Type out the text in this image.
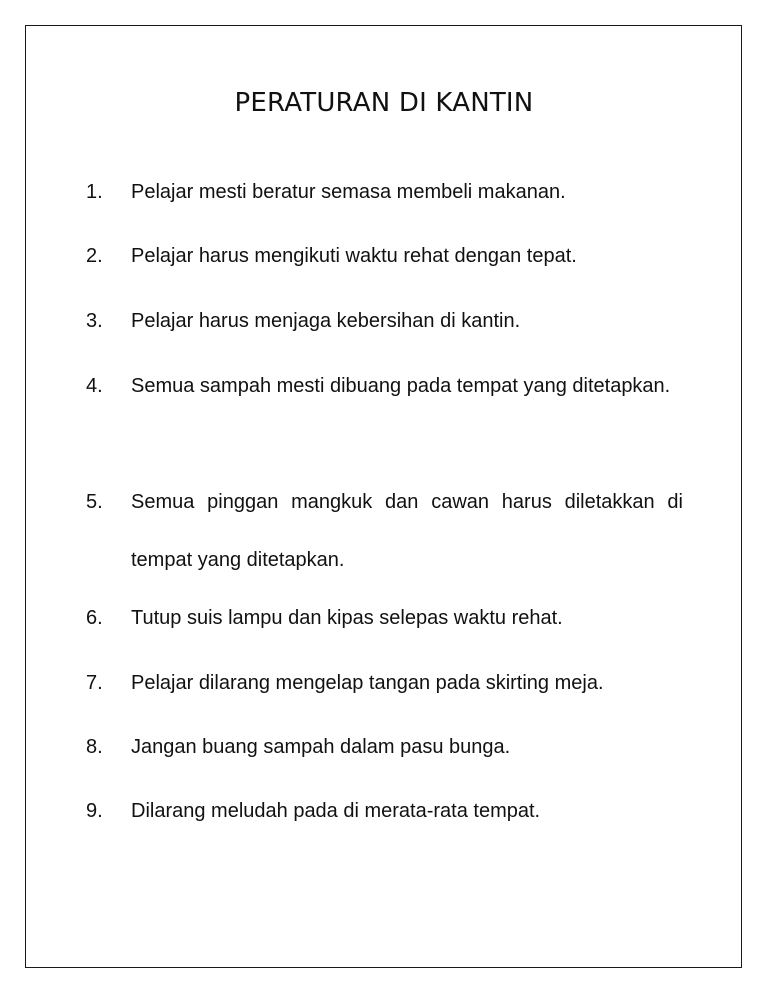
PERATURAN DI KANTIN
1. Pelajar mesti beratur semasa membeli makanan.
2. Pelajar harus mengikuti waktu rehat dengan tepat.
3. Pelajar harus menjaga kebersihan di kantin.
4. Semua sampah mesti dibuang pada tempat yang ditetapkan.
5. Semua pinggan mangkuk dan cawan harus diletakkan di tempat yang ditetapkan.
6. Tutup suis lampu dan kipas selepas waktu rehat.
7. Pelajar dilarang mengelap tangan pada skirting meja.
8. Jangan buang sampah dalam pasu bunga.
9. Dilarang meludah pada di merata-rata tempat.
